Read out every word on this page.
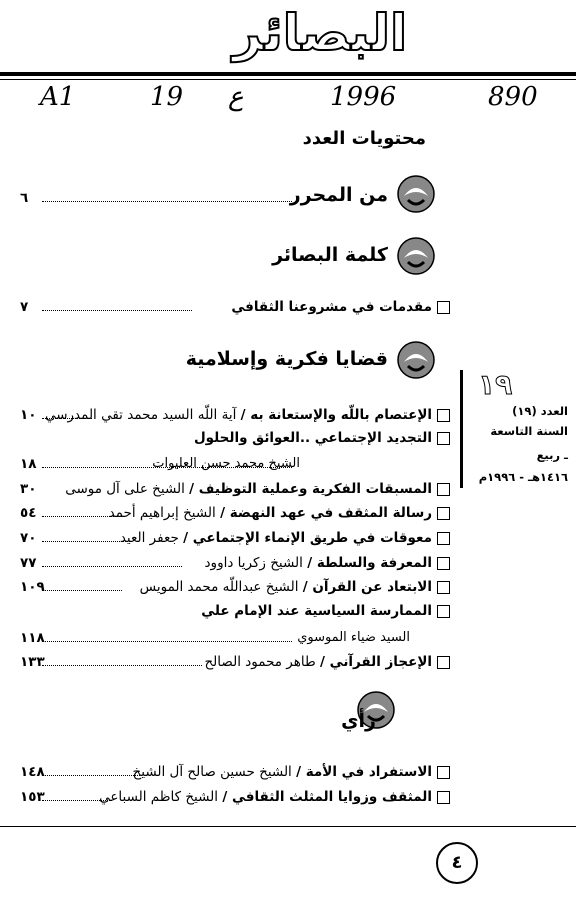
البصائر
A1	19 ع	1996	890
محتويات العدد
من المحرر
٦
كلمة البصائر
مقدمات في مشروعنا الثقافي
٧
قضايا فكرية وإسلامية
الإعتصام باللّه والإستعانة به / آية اللّه السيد محمد تقي المدرسي
١٠
التجديد الإجتماعي ..العوائق والحلول
الشيخ محمد حسن العليوات
١٨
المسبقات الفكرية وعملية التوظيف / الشيخ على آل موسى
٣٠
رسالة المثقف في عهد النهضة / الشيخ إبراهيم أحمد
٥٤
معوقات في طريق الإنماء الإجتماعي / جعفر العيد
٧٠
المعرفة والسلطة / الشيخ زكريا داوود
٧٧
الابتعاد عن القرآن / الشيخ عبداللّه محمد المويس
١٠٩
الممارسة السياسية عند الإمام علي
السيد ضياء الموسوي
١١٨
الإعجاز القرآني / طاهر محمود الصالح
١٣٣
رأي
الاستفراد في الأمة / الشيخ حسين صالح آل الشيخ
١٤٨
المثقف وزوايا المثلث الثقافي / الشيخ كاظم السباعي
١٥٣
١٩
العدد (١٩)
السنة التاسعة
ـ ربيع
١٤١٦هـ - ١٩٩٦م
٤
